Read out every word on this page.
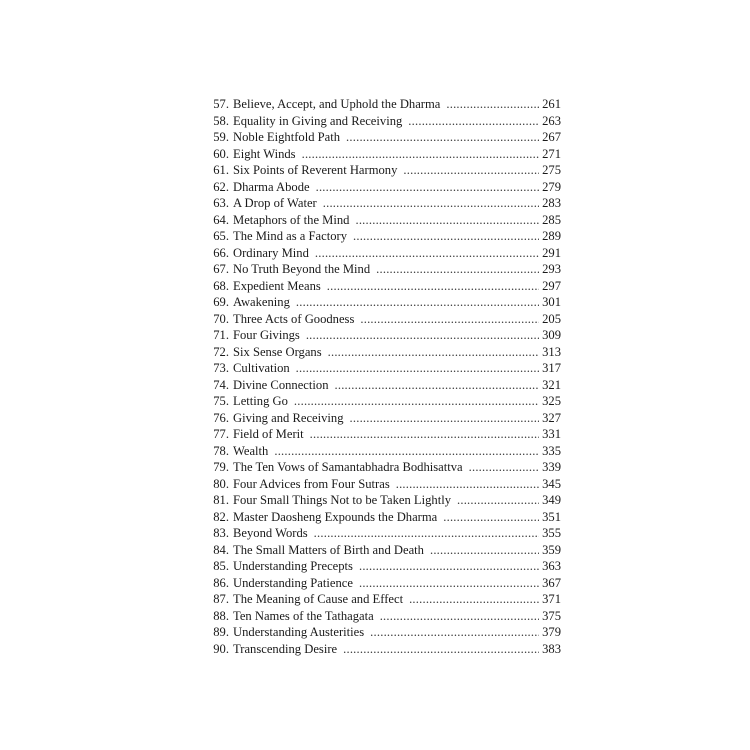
57. Believe, Accept, and Uphold the Dharma .....	261
58. Equality in Giving and Receiving .....	263
59. Noble Eightfold Path .....	267
60. Eight Winds .....	271
61. Six Points of Reverent Harmony .....	275
62. Dharma Abode .....	279
63. A Drop of Water .....	283
64. Metaphors of the Mind .....	285
65. The Mind as a Factory .....	289
66. Ordinary Mind .....	291
67. No Truth Beyond the Mind .....	293
68. Expedient Means .....	297
69. Awakening .....	301
70. Three Acts of Goodness .....	205
71. Four Givings .....	309
72. Six Sense Organs .....	313
73. Cultivation .....	317
74. Divine Connection .....	321
75. Letting Go .....	325
76. Giving and Receiving .....	327
77. Field of Merit .....	331
78. Wealth .....	335
79. The Ten Vows of Samantabhadra Bodhisattva .....	339
80. Four Advices from Four Sutras .....	345
81. Four Small Things Not to be Taken Lightly .....	349
82. Master Daosheng Expounds the Dharma .....	351
83. Beyond Words .....	355
84. The Small Matters of Birth and Death .....	359
85. Understanding Precepts .....	363
86. Understanding Patience .....	367
87. The Meaning of Cause and Effect .....	371
88. Ten Names of the Tathagata .....	375
89. Understanding Austerities .....	379
90. Transcending Desire .....	383
